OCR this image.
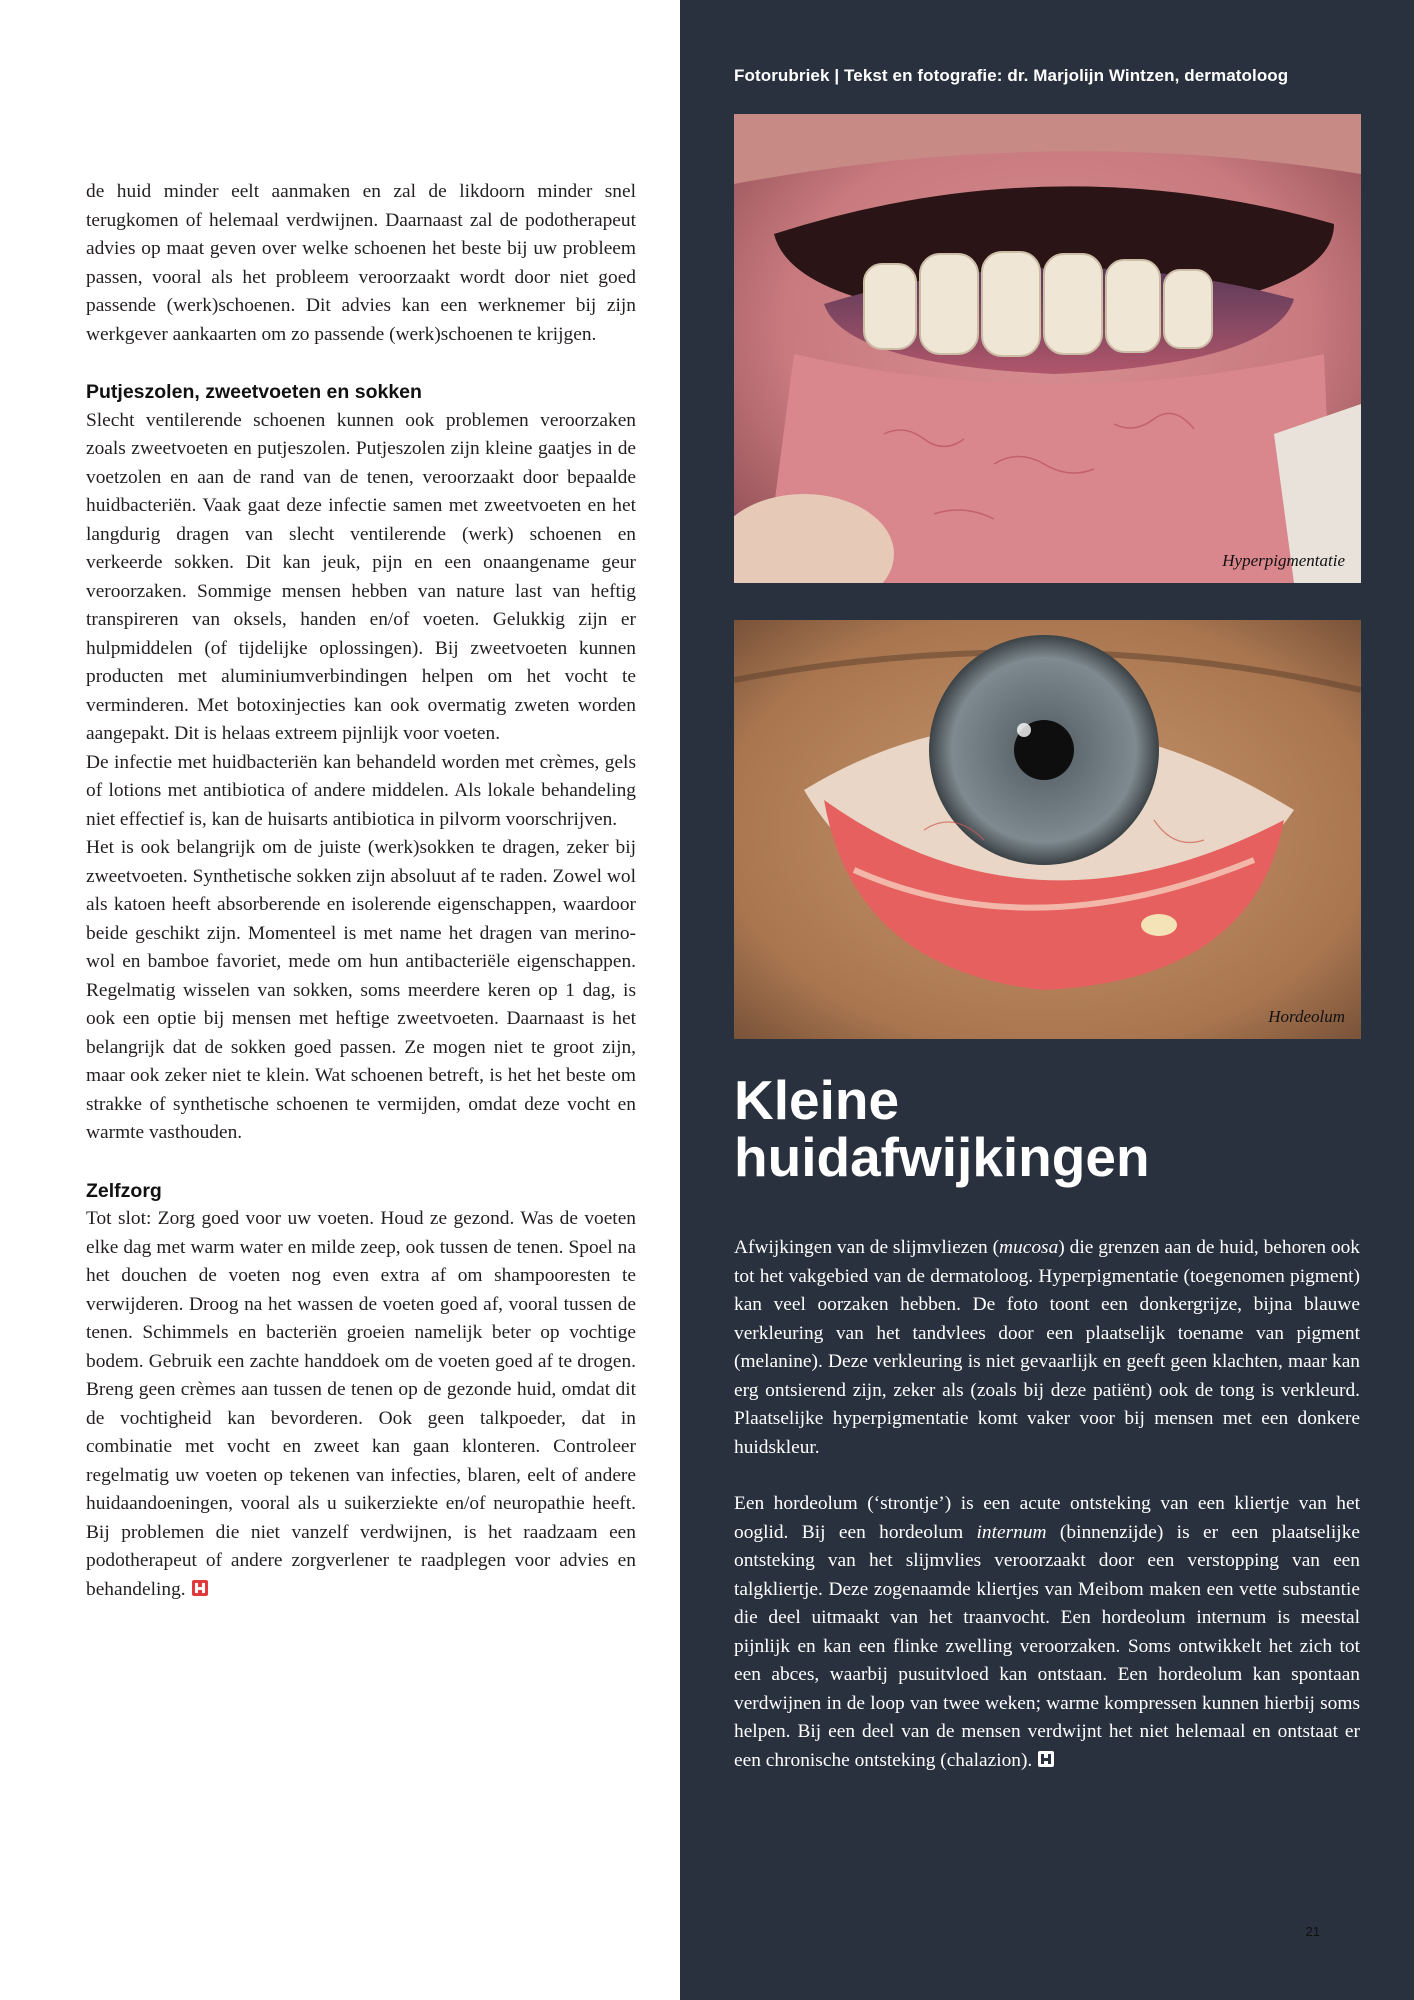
de huid minder eelt aanmaken en zal de likdoorn minder snel terugkomen of helemaal verdwijnen. Daarnaast zal de podotherapeut advies op maat geven over welke schoenen het beste bij uw probleem passen, vooral als het probleem veroorzaakt wordt door niet goed passende (werk)schoenen. Dit advies kan een werknemer bij zijn werkgever aankaarten om zo passende (werk)schoenen te krijgen.

Putjeszolen, zweetvoeten en sokken

Slecht ventilerende schoenen kunnen ook problemen veroorzaken zoals zweetvoeten en putjeszolen. Putjeszolen zijn kleine gaatjes in de voetzolen en aan de rand van de tenen, veroorzaakt door bepaalde huidbacteriën. Vaak gaat deze infectie samen met zweetvoeten en het langdurig dragen van slecht ventilerende (werk) schoenen en verkeerde sokken. Dit kan jeuk, pijn en een onaangename geur veroorzaken. Sommige mensen hebben van nature last van heftig transpireren van oksels, handen en/of voeten. Gelukkig zijn er hulpmiddelen (of tijdelijke oplossingen). Bij zweetvoeten kunnen producten met aluminiumverbindingen helpen om het vocht te verminderen. Met botoxinjecties kan ook overmatig zweten worden aangepakt. Dit is helaas extreem pijnlijk voor voeten.

De infectie met huidbacteriën kan behandeld worden met crèmes, gels of lotions met antibiotica of andere middelen. Als lokale behandeling niet effectief is, kan de huisarts antibiotica in pilvorm voorschrijven.

Het is ook belangrijk om de juiste (werk)sokken te dragen, zeker bij zweetvoeten. Synthetische sokken zijn absoluut af te raden. Zowel wol als katoen heeft absorberende en isolerende eigenschappen, waardoor beide geschikt zijn. Momenteel is met name het dragen van merino-wol en bamboe favoriet, mede om hun antibacteriële eigenschappen. Regelmatig wisselen van sokken, soms meerdere keren op 1 dag, is ook een optie bij mensen met heftige zweetvoeten. Daarnaast is het belangrijk dat de sokken goed passen. Ze mogen niet te groot zijn, maar ook zeker niet te klein. Wat schoenen betreft, is het het beste om strakke of synthetische schoenen te vermijden, omdat deze vocht en warmte vasthouden.

Zelfzorg

Tot slot: Zorg goed voor uw voeten. Houd ze gezond. Was de voeten elke dag met warm water en milde zeep, ook tussen de tenen. Spoel na het douchen de voeten nog even extra af om shampooresten te verwijderen. Droog na het wassen de voeten goed af, vooral tussen de tenen. Schimmels en bacteriën groeien namelijk beter op vochtige bodem. Gebruik een zachte handdoek om de voeten goed af te drogen. Breng geen crèmes aan tussen de tenen op de gezonde huid, omdat dit de vochtigheid kan bevorderen. Ook geen talkpoeder, dat in combinatie met vocht en zweet kan gaan klonteren. Controleer regelmatig uw voeten op tekenen van infecties, blaren, eelt of andere huidaandoeningen, vooral als u suikerziekte en/of neuropathie heeft. Bij problemen die niet vanzelf verdwijnen, is het raadzaam een podotherapeut of andere zorgverlener te raadplegen voor advies en behandeling.

Fotorubriek | Tekst en fotografie: dr. Marjolijn Wintzen, dermatoloog
Hyperpigmentatie
Hordeolum
Kleine
huidafwijkingen

Afwijkingen van de slijmvliezen (mucosa) die grenzen aan de huid, behoren ook tot het vakgebied van de dermatoloog. Hyperpigmentatie (toegenomen pigment) kan veel oorzaken hebben. De foto toont een donkergrijze, bijna blauwe verkleuring van het tandvlees door een plaatselijk toename van pigment (melanine). Deze verkleuring is niet gevaarlijk en geeft geen klachten, maar kan erg ontsierend zijn, zeker als (zoals bij deze patiënt) ook de tong is verkleurd. Plaatselijke hyperpigmentatie komt vaker voor bij mensen met een donkere huidskleur.

Een hordeolum (‘strontje’) is een acute ontsteking van een kliertje van het ooglid. Bij een hordeolum internum (binnenzijde) is er een plaatselijke ontsteking van het slijmvlies veroorzaakt door een verstopping van een talgkliertje. Deze zogenaamde kliertjes van Meibom maken een vette substantie die deel uitmaakt van het traanvocht. Een hordeolum internum is meestal pijnlijk en kan een flinke zwelling veroorzaken. Soms ontwikkelt het zich tot een abces, waarbij pusuitvloed kan ontstaan. Een hordeolum kan spontaan verdwijnen in de loop van twee weken; warme kompressen kunnen hierbij soms helpen. Bij een deel van de mensen verdwijnt het niet helemaal en ontstaat er een chronische ontsteking (chalazion).

21
